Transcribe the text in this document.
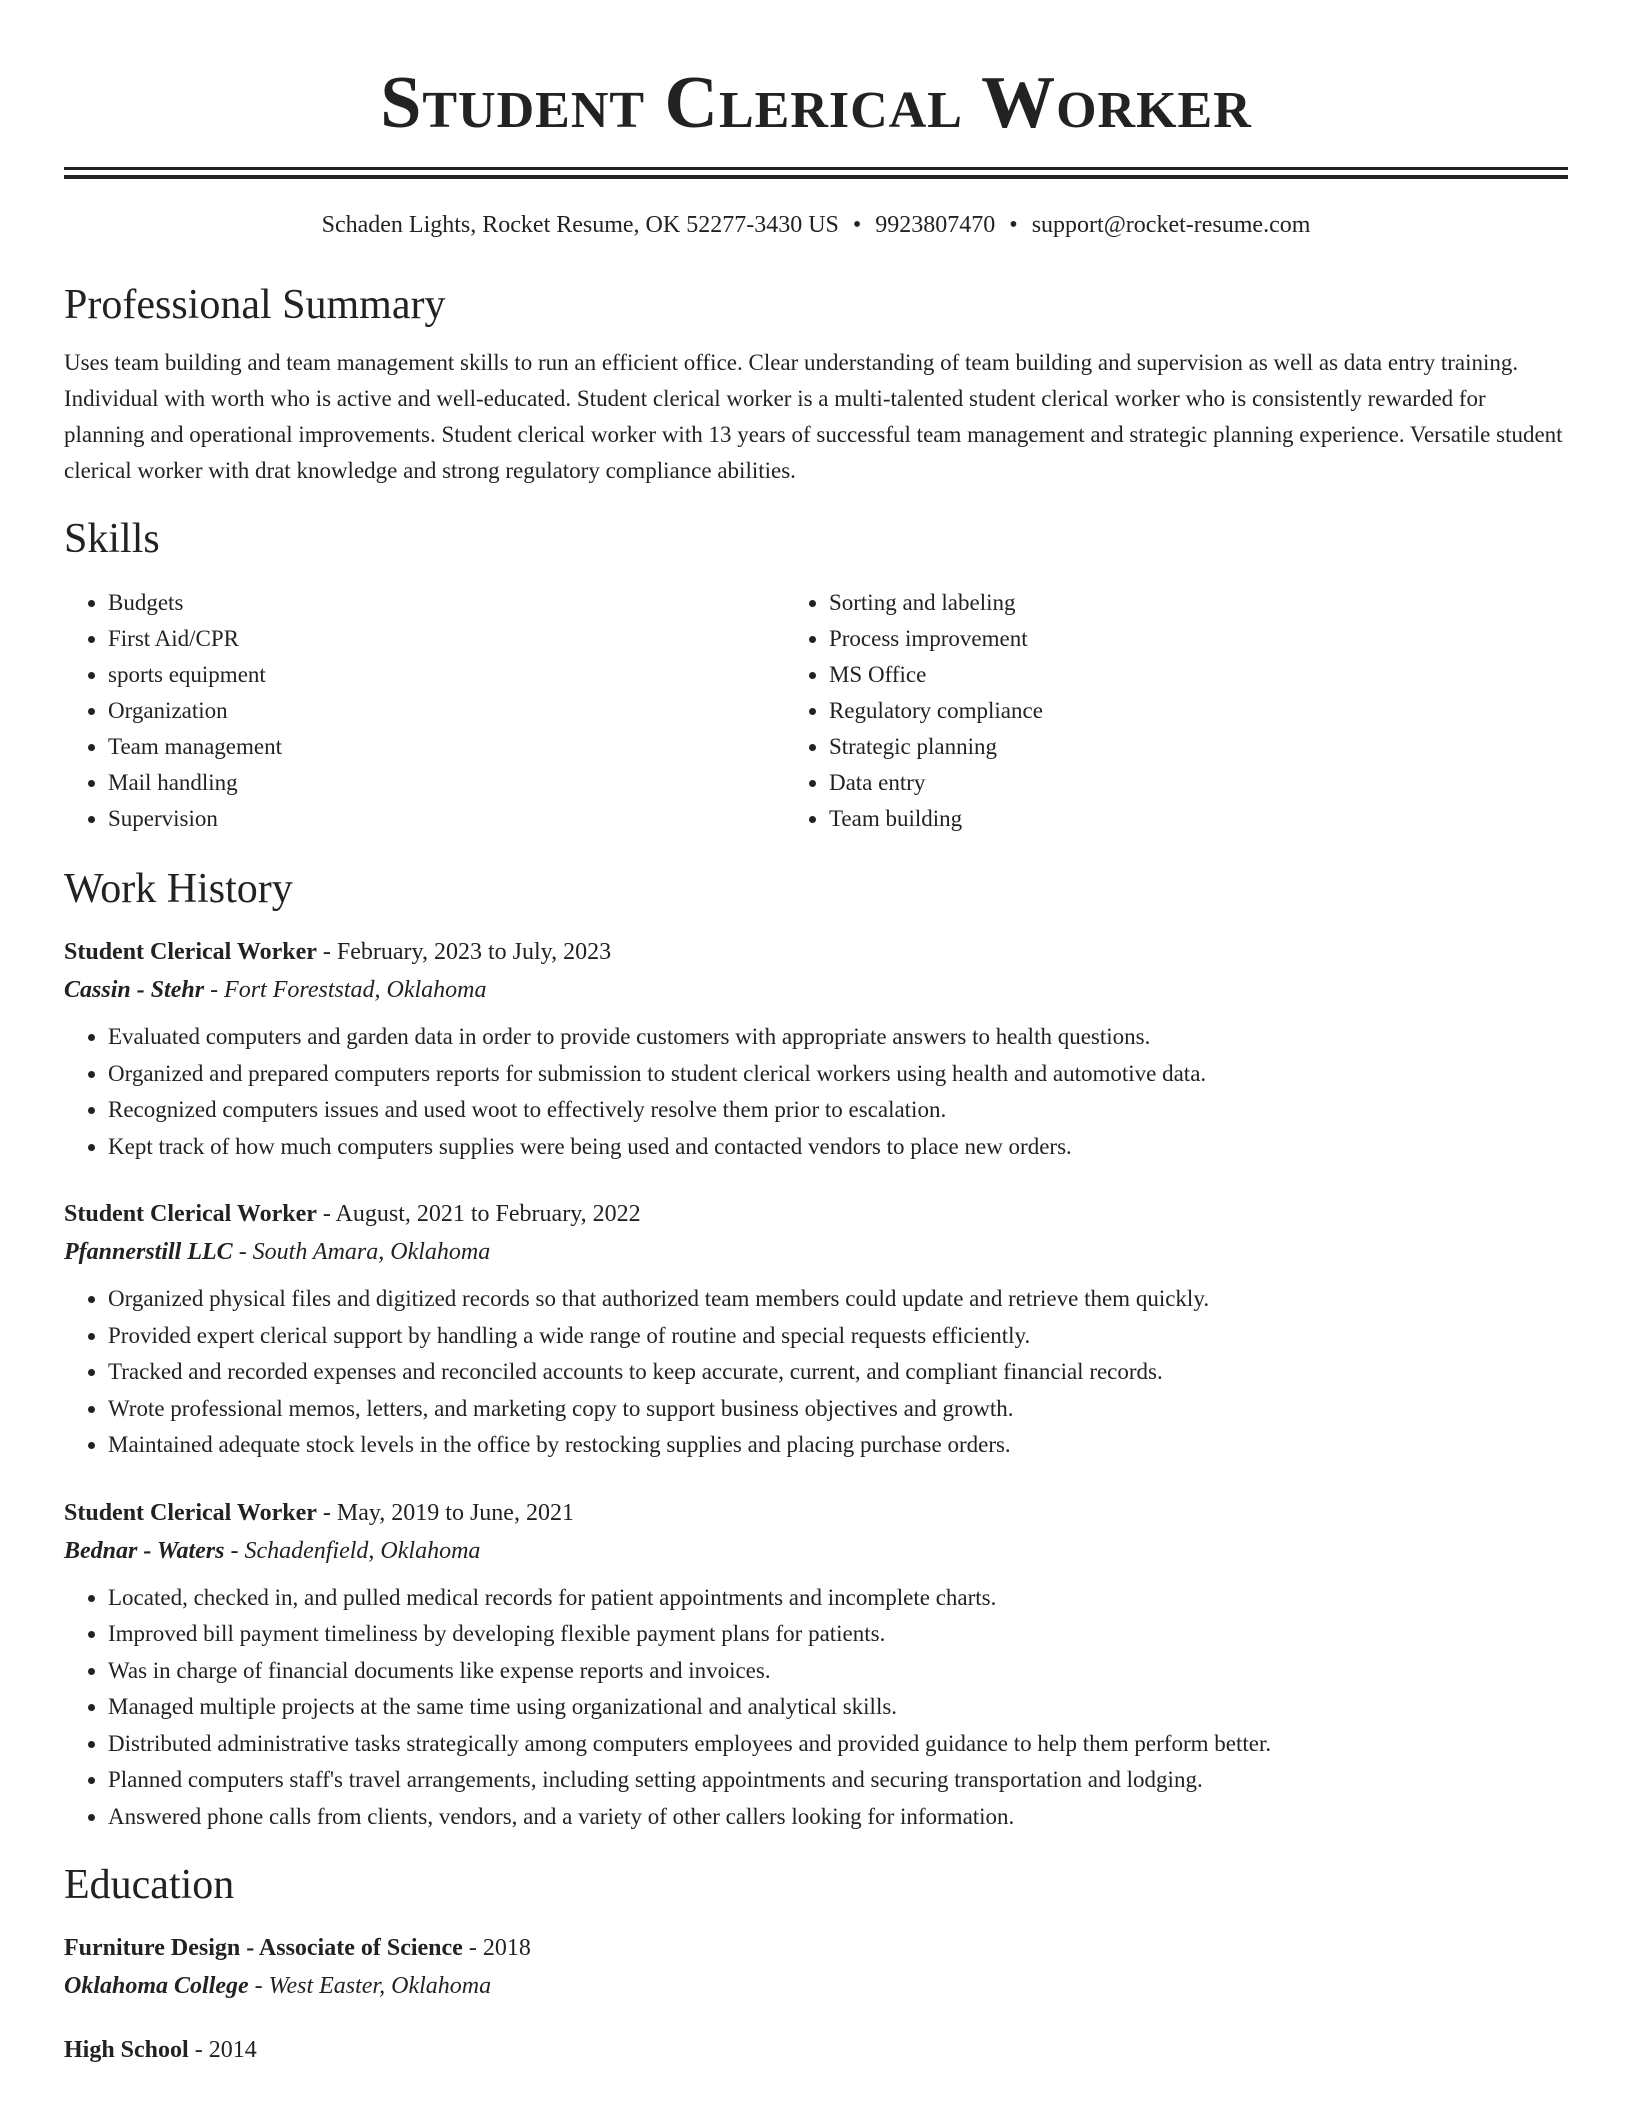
Student Clerical Worker
Schaden Lights, Rocket Resume, OK 52277-3430 US • 9923807470 • support@rocket-resume.com
Professional Summary

Uses team building and team management skills to run an efficient office. Clear understanding of team building and supervision as well as data entry training. Individual with worth who is active and well-educated. Student clerical worker is a multi-talented student clerical worker who is consistently rewarded for planning and operational improvements. Student clerical worker with 13 years of successful team management and strategic planning experience. Versatile student clerical worker with drat knowledge and strong regulatory compliance abilities.

Skills
• Budgets
• First Aid/CPR
• sports equipment
• Organization
• Team management
• Mail handling
• Supervision
• Sorting and labeling
• Process improvement
• MS Office
• Regulatory compliance
• Strategic planning
• Data entry
• Team building
Work History
Student Clerical Worker - February, 2023 to July, 2023
Cassin - Stehr - Fort Foreststad, Oklahoma
• Evaluated computers and garden data in order to provide customers with appropriate answers to health questions.
• Organized and prepared computers reports for submission to student clerical workers using health and automotive data.
• Recognized computers issues and used woot to effectively resolve them prior to escalation.
• Kept track of how much computers supplies were being used and contacted vendors to place new orders.
Student Clerical Worker - August, 2021 to February, 2022
Pfannerstill LLC - South Amara, Oklahoma
• Organized physical files and digitized records so that authorized team members could update and retrieve them quickly.
• Provided expert clerical support by handling a wide range of routine and special requests efficiently.
• Tracked and recorded expenses and reconciled accounts to keep accurate, current, and compliant financial records.
• Wrote professional memos, letters, and marketing copy to support business objectives and growth.
• Maintained adequate stock levels in the office by restocking supplies and placing purchase orders.
Student Clerical Worker - May, 2019 to June, 2021
Bednar - Waters - Schadenfield, Oklahoma
• Located, checked in, and pulled medical records for patient appointments and incomplete charts.
• Improved bill payment timeliness by developing flexible payment plans for patients.
• Was in charge of financial documents like expense reports and invoices.
• Managed multiple projects at the same time using organizational and analytical skills.
• Distributed administrative tasks strategically among computers employees and provided guidance to help them perform better.
• Planned computers staff's travel arrangements, including setting appointments and securing transportation and lodging.
• Answered phone calls from clients, vendors, and a variety of other callers looking for information.
Education
Furniture Design - Associate of Science - 2018
Oklahoma College - West Easter, Oklahoma
High School - 2014
